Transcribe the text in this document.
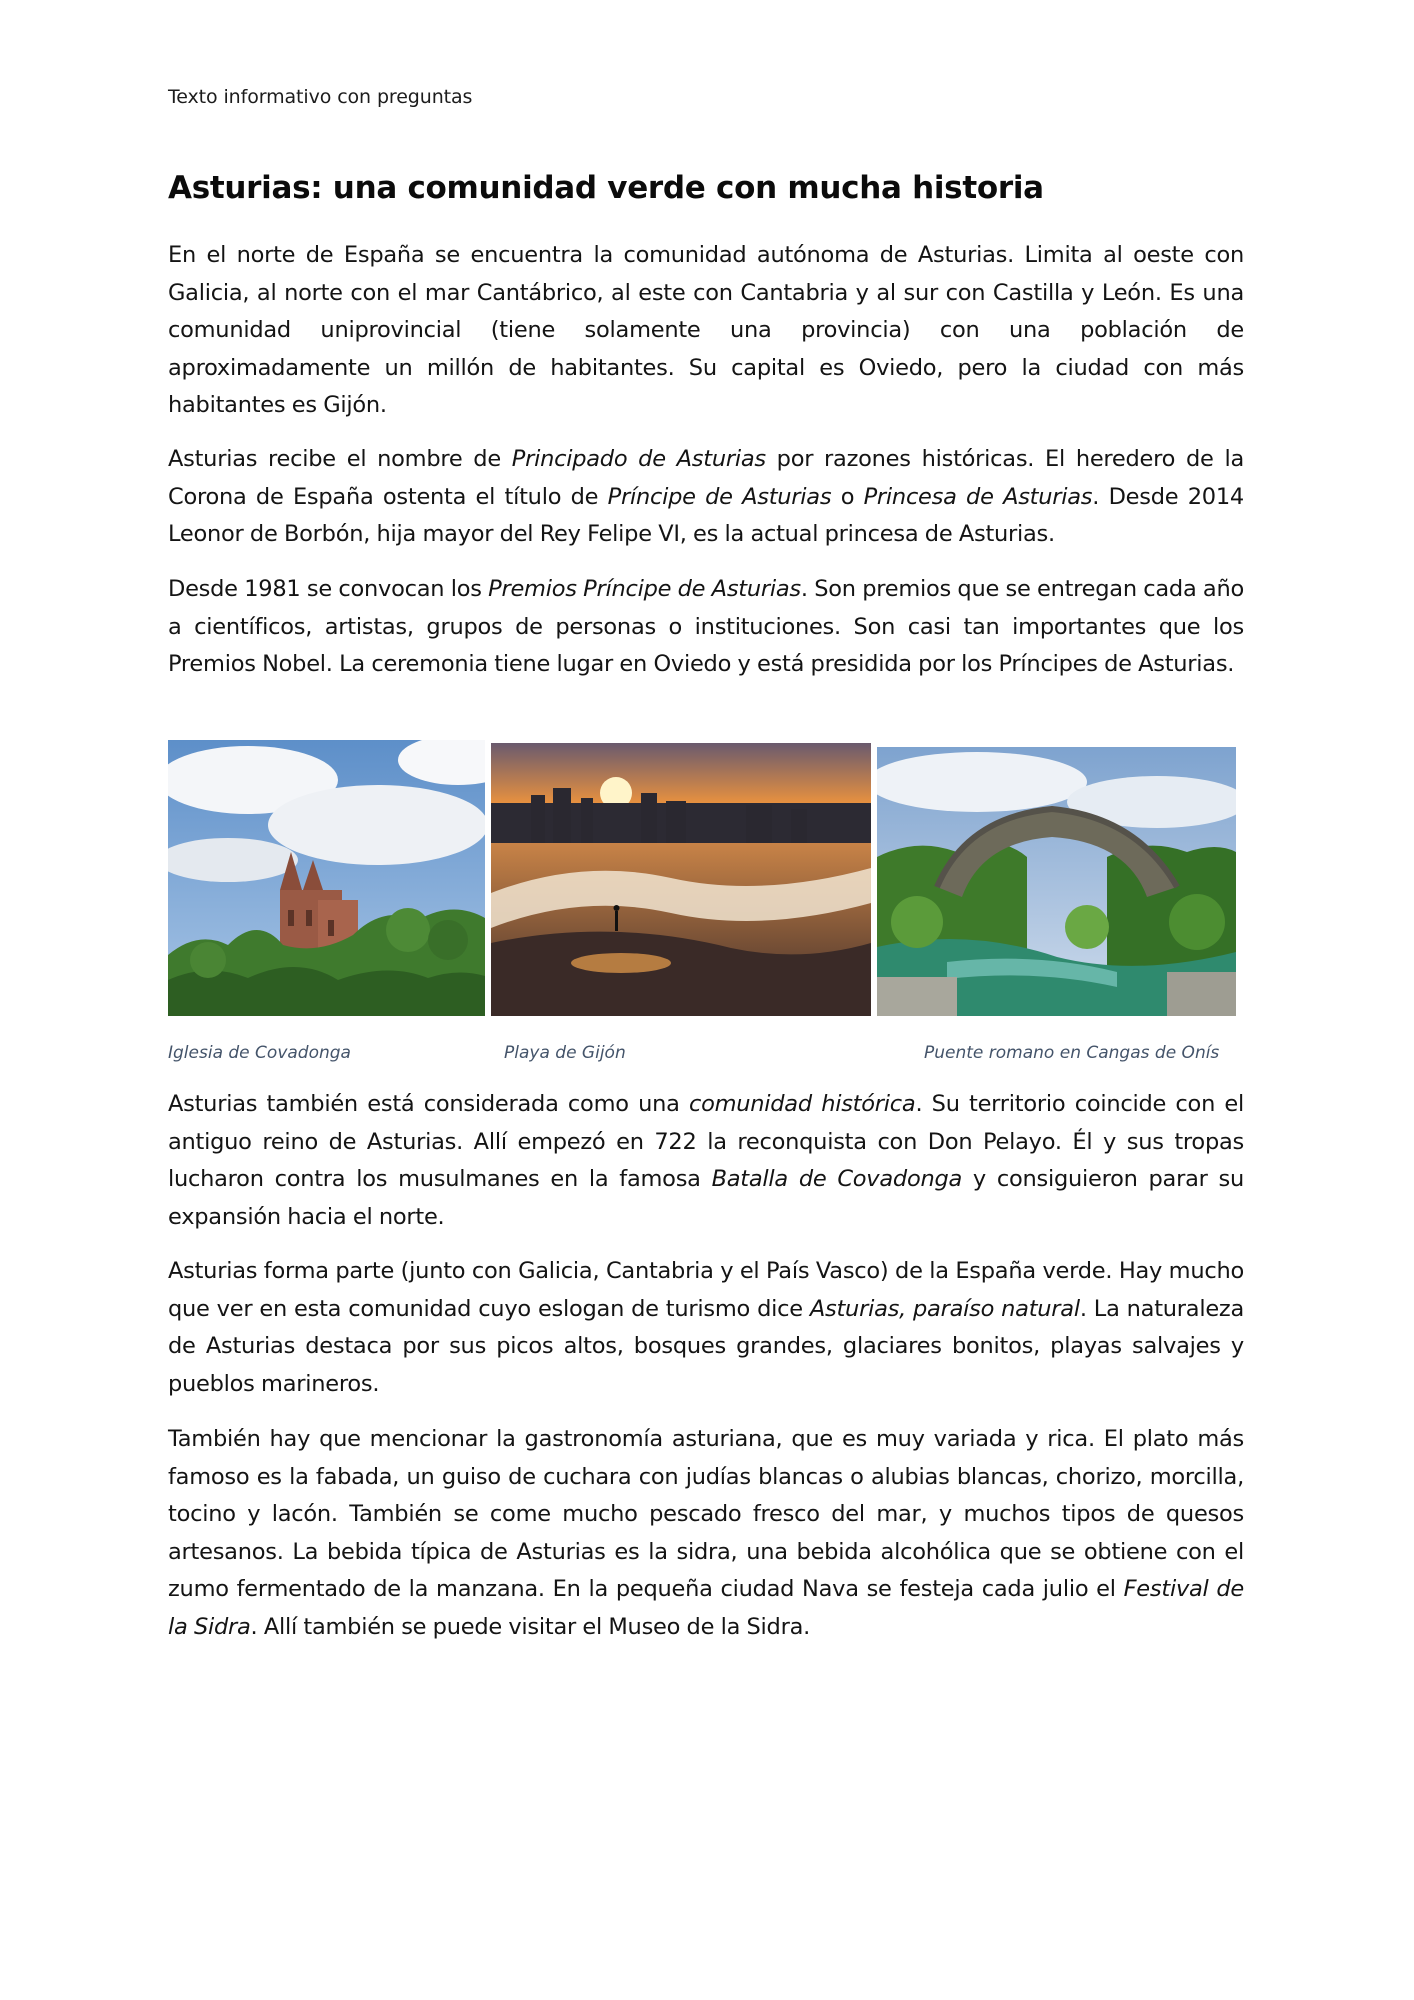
Texto informativo con preguntas
Asturias: una comunidad verde con mucha historia

En el norte de España se encuentra la comunidad autónoma de Asturias. Limita al oeste con Galicia, al norte con el mar Cantábrico, al este con Cantabria y al sur con Castilla y León. Es una comunidad uniprovincial (tiene solamente una provincia) con una población de aproximadamente un millón de habitantes. Su capital es Oviedo, pero la ciudad con más habitantes es Gijón.

Asturias recibe el nombre de Principado de Asturias por razones históricas. El heredero de la Corona de España ostenta el título de Príncipe de Asturias o Princesa de Asturias. Desde 2014 Leonor de Borbón, hija mayor del Rey Felipe VI, es la actual princesa de Asturias.

Desde 1981 se convocan los Premios Príncipe de Asturias. Son premios que se entregan cada año a científicos, artistas, grupos de personas o instituciones. Son casi tan importantes que los Premios Nobel. La ceremonia tiene lugar en Oviedo y está presidida por los Príncipes de Asturias.

Iglesia de Covadonga	Playa de Gijón	Puente romano en Cangas de Onís

Asturias también está considerada como una comunidad histórica. Su territorio coincide con el antiguo reino de Asturias. Allí empezó en 722 la reconquista con Don Pelayo. Él y sus tropas lucharon contra los musulmanes en la famosa Batalla de Covadonga y consiguieron parar su expansión hacia el norte.

Asturias forma parte (junto con Galicia, Cantabria y el País Vasco) de la España verde. Hay mucho que ver en esta comunidad cuyo eslogan de turismo dice Asturias, paraíso natural. La naturaleza de Asturias destaca por sus picos altos, bosques grandes, glaciares bonitos, playas salvajes y pueblos marineros.

También hay que mencionar la gastronomía asturiana, que es muy variada y rica. El plato más famoso es la fabada, un guiso de cuchara con judías blancas o alubias blancas, chorizo, morcilla, tocino y lacón. También se come mucho pescado fresco del mar, y muchos tipos de quesos artesanos. La bebida típica de Asturias es la sidra, una bebida alcohólica que se obtiene con el zumo fermentado de la manzana. En la pequeña ciudad Nava se festeja cada julio el Festival de la Sidra. Allí también se puede visitar el Museo de la Sidra.
